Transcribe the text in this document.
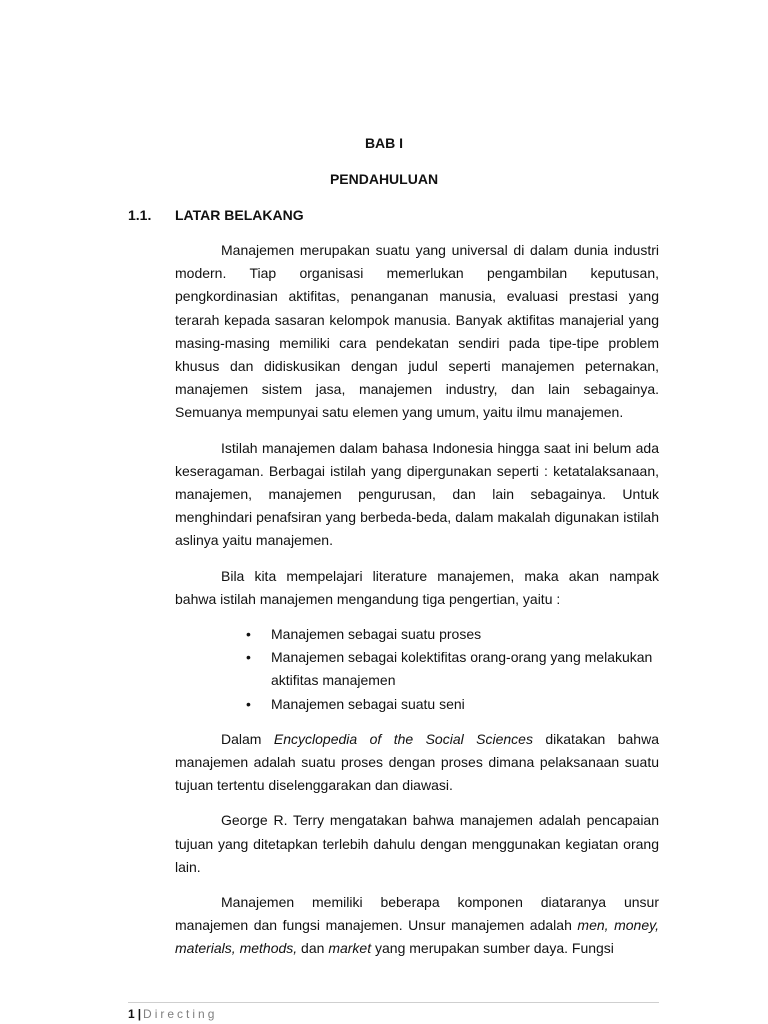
BAB I
PENDAHULUAN
1.1. LATAR BELAKANG

Manajemen merupakan suatu yang universal di dalam dunia industri modern. Tiap organisasi memerlukan pengambilan keputusan, pengkordinasian aktifitas, penanganan manusia, evaluasi prestasi yang terarah kepada sasaran kelompok manusia. Banyak aktifitas manajerial yang masing-masing memiliki cara pendekatan sendiri pada tipe-tipe problem khusus dan didiskusikan dengan judul seperti manajemen peternakan, manajemen sistem jasa, manajemen industry, dan lain sebagainya. Semuanya mempunyai satu elemen yang umum, yaitu ilmu manajemen.

Istilah manajemen dalam bahasa Indonesia hingga saat ini belum ada keseragaman. Berbagai istilah yang dipergunakan seperti : ketatalaksanaan, manajemen, manajemen pengurusan, dan lain sebagainya. Untuk menghindari penafsiran yang berbeda-beda, dalam makalah digunakan istilah aslinya yaitu manajemen.

Bila kita mempelajari literature manajemen, maka akan nampak bahwa istilah manajemen mengandung tiga pengertian, yaitu :

• Manajemen sebagai suatu proses
• Manajemen sebagai kolektifitas orang-orang yang melakukan aktifitas manajemen
• Manajemen sebagai suatu seni

Dalam Encyclopedia of the Social Sciences dikatakan bahwa manajemen adalah suatu proses dengan proses dimana pelaksanaan suatu tujuan tertentu diselenggarakan dan diawasi.

George R. Terry mengatakan bahwa manajemen adalah pencapaian tujuan yang ditetapkan terlebih dahulu dengan menggunakan kegiatan orang lain.

Manajemen memiliki beberapa komponen diataranya unsur manajemen dan fungsi manajemen. Unsur manajemen adalah men, money, materials, methods, dan market yang merupakan sumber daya. Fungsi

1 | Directing
